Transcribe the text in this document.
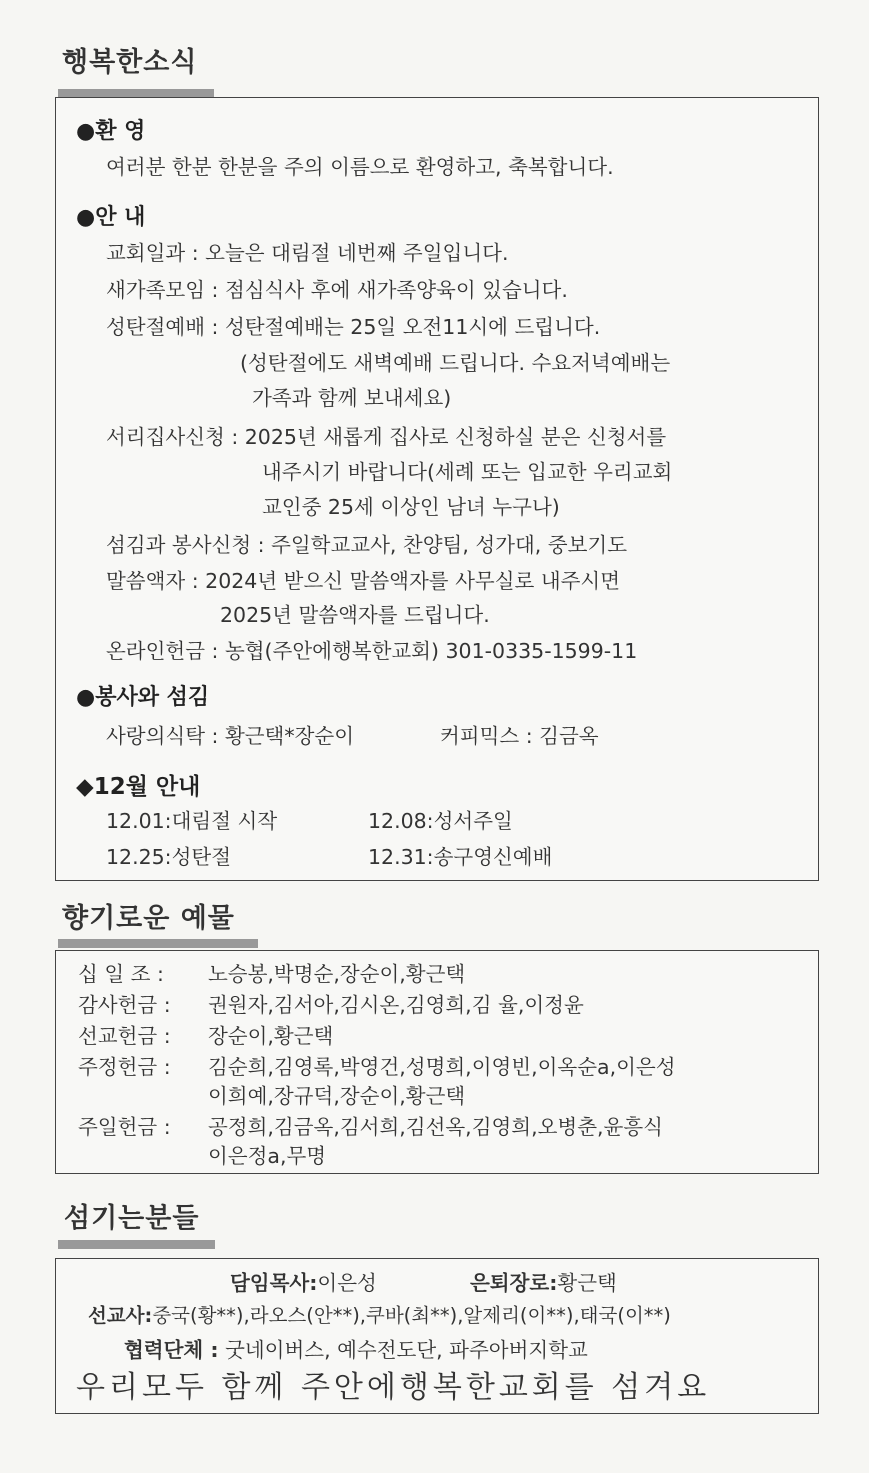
행복한소식
●환 영
여러분 한분 한분을 주의 이름으로 환영하고, 축복합니다.
●안 내
교회일과 : 오늘은 대림절 네번째 주일입니다.
새가족모임 : 점심식사 후에 새가족양육이 있습니다.
성탄절예배 : 성탄절예배는 25일 오전11시에 드립니다.
(성탄절에도 새벽예배 드립니다. 수요저녁예배는
가족과 함께 보내세요)
서리집사신청 : 2025년 새롭게 집사로 신청하실 분은 신청서를
내주시기 바랍니다(세례 또는 입교한 우리교회
교인중 25세 이상인 남녀 누구나)
섬김과 봉사신청 : 주일학교교사, 찬양팀, 성가대, 중보기도
말씀액자 : 2024년 받으신 말씀액자를 사무실로 내주시면
2025년 말씀액자를 드립니다.
온라인헌금 : 농협(주안에행복한교회) 301-0335-1599-11
●봉사와 섬김
사랑의식탁 : 황근택*장순이	커피믹스 : 김금옥
◆12월 안내
12.01:대림절 시작	12.08:성서주일
12.25:성탄절	12.31:송구영신예배
향기로운 예물
십 일 조 : 노승봉,박명순,장순이,황근택
감사헌금 : 권원자,김서아,김시온,김영희,김 율,이정윤
선교헌금 : 장순이,황근택
주정헌금 : 김순희,김영록,박영건,성명희,이영빈,이옥순a,이은성
이희예,장규덕,장순이,황근택
주일헌금 : 공정희,김금옥,김서희,김선옥,김영희,오병춘,윤흥식
이은정a,무명
섬기는분들
담임목사:이은성	은퇴장로:황근택
선교사:중국(황**),라오스(안**),쿠바(최**),알제리(이**),태국(이**)
협력단체 : 굿네이버스, 예수전도단, 파주아버지학교
우리모두 함께 주안에행복한교회를 섬겨요
